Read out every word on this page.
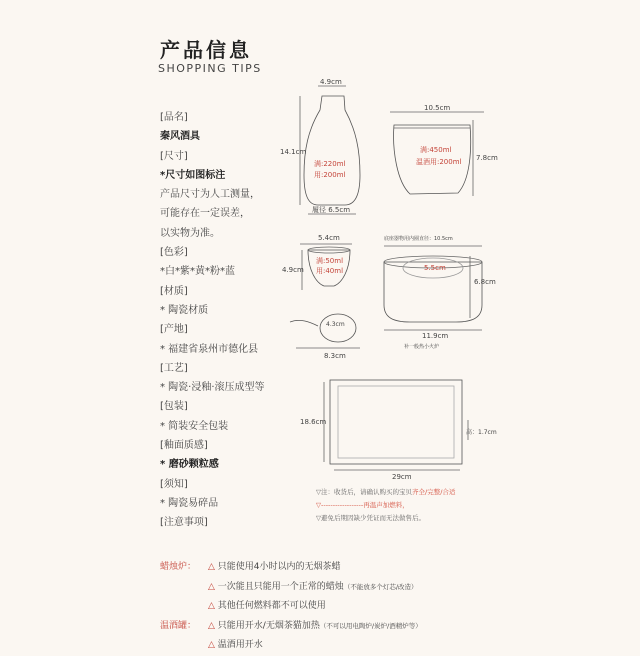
产品信息
SHOPPING TIPS
[品名]
秦风酒具
[尺寸]
*尺寸如图标注
产品尺寸为人工测量，
可能存在一定误差，
以实物为准。
[色彩]
*白*紫*黄*粉*蓝
[材质]
* 陶瓷材质
[产地]
* 福建省泉州市德化县
[工艺]
* 陶瓷·浸釉·滚压成型等
[包装]
* 简装安全包装
[釉面质感]
* 磨砂颗粒感
[须知]
* 陶瓷易碎品
[注意事项]
4.9cm
14.1cm
满:220ml
用:200ml
履径 6.5cm
10.5cm
7.8cm
满:450ml
温酒用:200ml
5.4cm
4.9cm
满:50ml
用:40ml
底座器物用内圈直径：10.5cm
5.5cm
6.8cm
11.9cm
补一般热小火炉
4.3cm
8.3cm
18.6cm
高：1.7cm
29cm
▽注：收货后，请确认购买的宝贝齐全/完整/合适
▽------------------再温声加燃料，
▽避免后期因缺少凭证而无法做售后。
蜡烛炉： △ 只能使用4小时以内的无烟茶蜡
△ 一次能且只能用一个正常的蜡烛（不能放多个灯芯/改造）
△ 其他任何燃料都不可以使用
温酒罐： △ 只能用开水/无烟茶猫加热（不可以用电陶炉/炭炉/酒精炉等）
△ 温酒用开水
